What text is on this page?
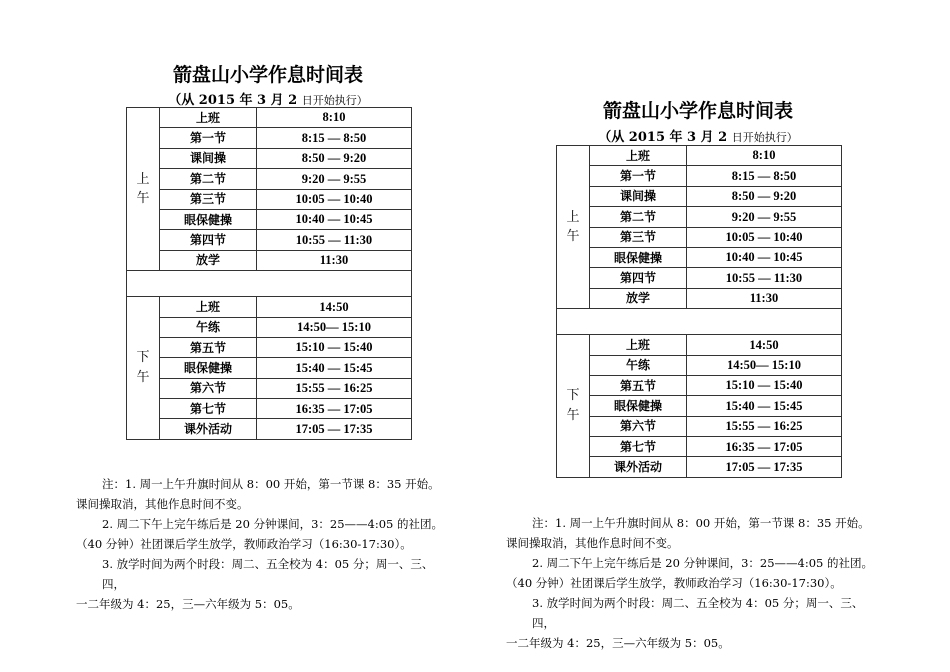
箭盘山小学作息时间表
（从 2015 年 3 月 2 日开始执行）
上
午	上班	8:10
	第一节	8:15 — 8:50
	课间操	8:50 — 9:20
	第二节	9:20 — 9:55
	第三节	10:05 — 10:40
	眼保健操	10:40 — 10:45
	第四节	10:55 — 11:30
	放学	11:30

下
午	上班	14:50
	午练	14:50— 15:10
	第五节	15:10 — 15:40
	眼保健操	15:40 — 15:45
	第六节	15:55 — 16:25
	第七节	16:35 — 17:05
	课外活动	17:05 — 17:35

注：1. 周一上午升旗时间从 8：00 开始，第一节课 8：35 开始。

课间操取消，其他作息时间不变。

2. 周二下午上完午练后是 20 分钟课间，3：25——4:05 的社团。

（40 分钟）社团课后学生放学，教师政治学习（16:30-17:30）。

3. 放学时间为两个时段：周二、五全校为 4：05 分；周一、三、四，

一二年级为 4：25，三—六年级为 5：05。

箭盘山小学作息时间表
（从 2015 年 3 月 2 日开始执行）
上
午	上班	8:10
	第一节	8:15 — 8:50
	课间操	8:50 — 9:20
	第二节	9:20 — 9:55
	第三节	10:05 — 10:40
	眼保健操	10:40 — 10:45
	第四节	10:55 — 11:30
	放学	11:30

下
午	上班	14:50
	午练	14:50— 15:10
	第五节	15:10 — 15:40
	眼保健操	15:40 — 15:45
	第六节	15:55 — 16:25
	第七节	16:35 — 17:05
	课外活动	17:05 — 17:35

注：1. 周一上午升旗时间从 8：00 开始，第一节课 8：35 开始。

课间操取消，其他作息时间不变。

2. 周二下午上完午练后是 20 分钟课间，3：25——4:05 的社团。

（40 分钟）社团课后学生放学，教师政治学习（16:30-17:30）。

3. 放学时间为两个时段：周二、五全校为 4：05 分；周一、三、四，

一二年级为 4：25，三—六年级为 5：05。
